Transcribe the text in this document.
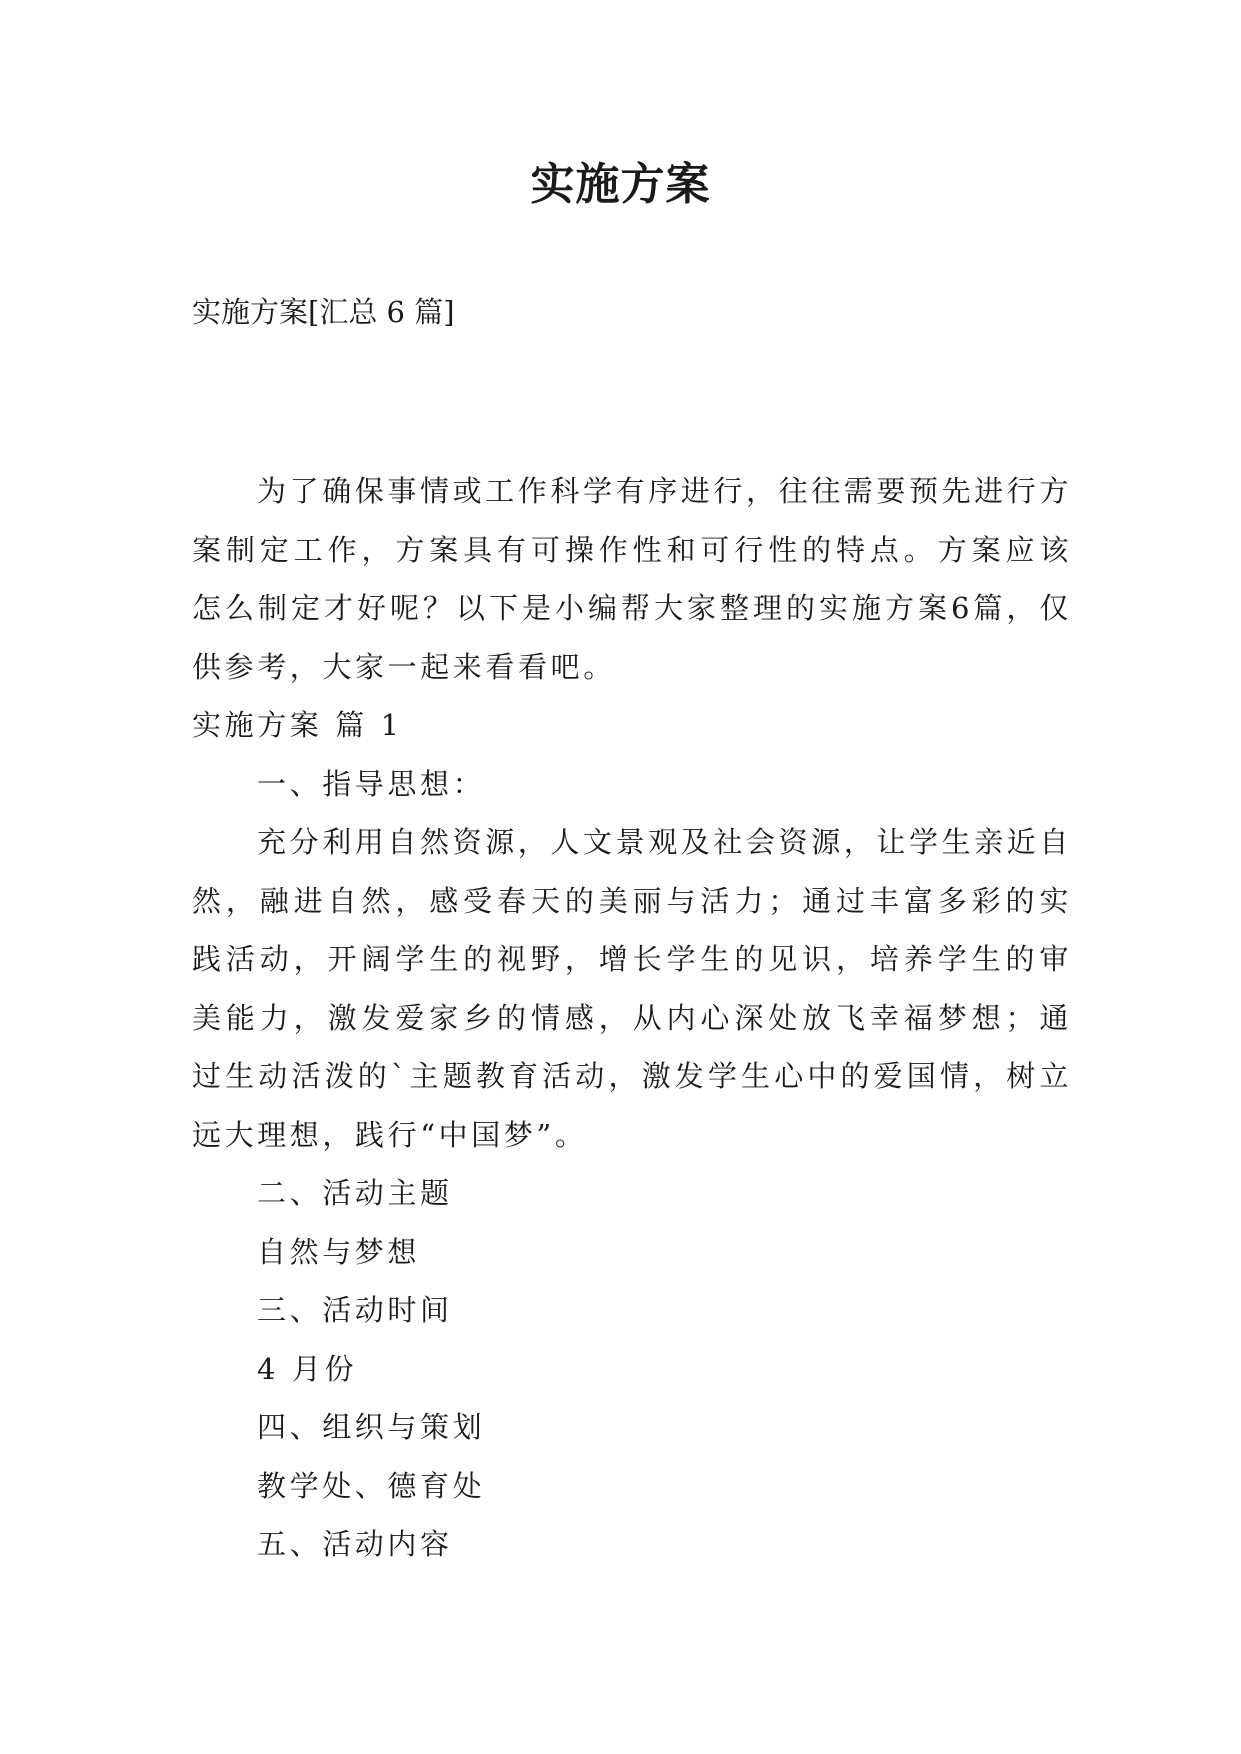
实施方案

实施方案[汇总 6 篇]

为了确保事情或工作科学有序进行，往往需要预先进行方案制定工作，方案具有可操作性和可行性的特点。方案应该怎么制定才好呢？以下是小编帮大家整理的实施方案6篇，仅供参考，大家一起来看看吧。

实施方案 篇 1

一、指导思想：

充分利用自然资源，人文景观及社会资源，让学生亲近自然，融进自然，感受春天的美丽与活力；通过丰富多彩的实践活动，开阔学生的视野，增长学生的见识，培养学生的审美能力，激发爱家乡的情感，从内心深处放飞幸福梦想；通过生动活泼的`主题教育活动，激发学生心中的爱国情，树立远大理想，践行“中国梦”。

二、活动主题

自然与梦想

三、活动时间

4 月份

四、组织与策划

教学处、德育处

五、活动内容
